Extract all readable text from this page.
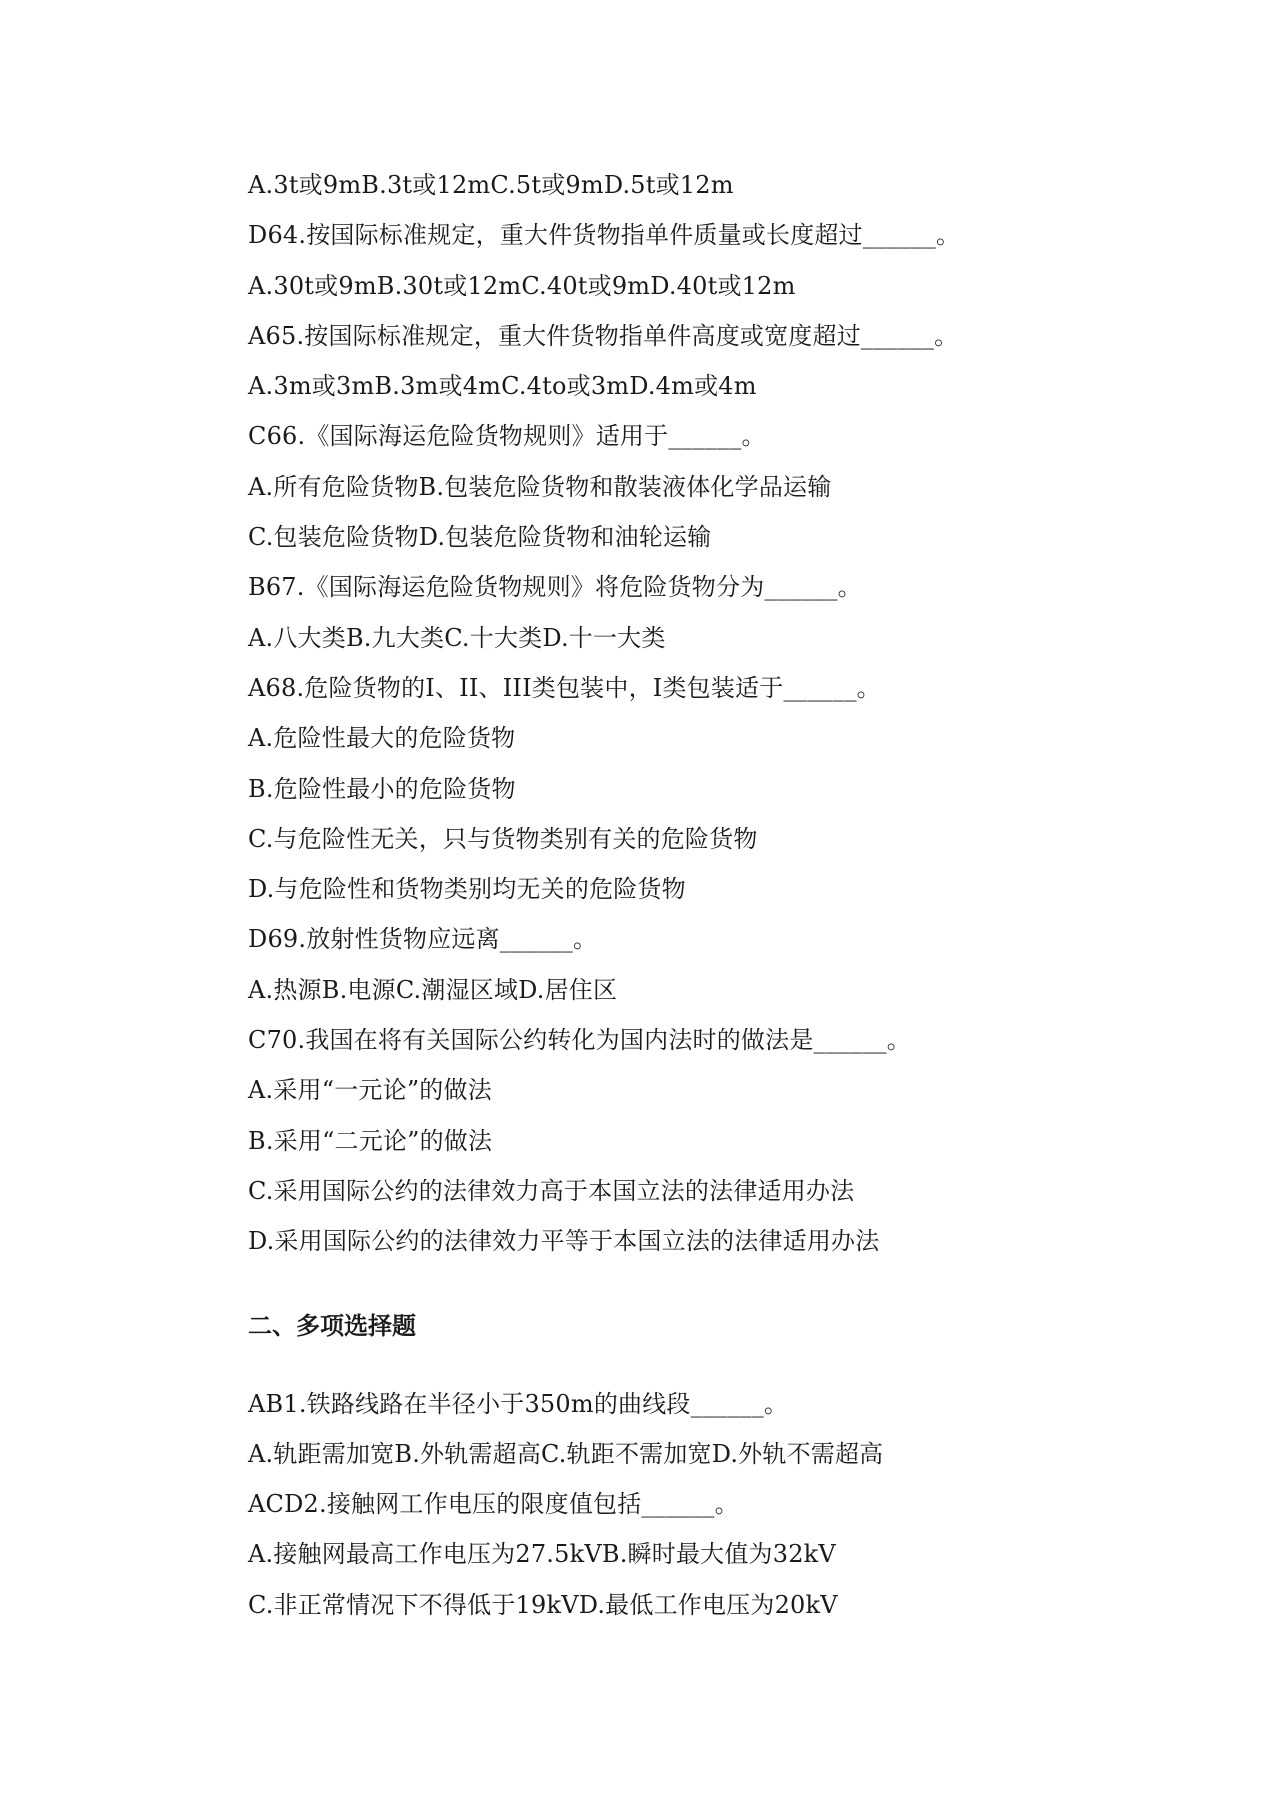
A.3t或9mB.3t或12mC.5t或9mD.5t或12m
D64.按国际标准规定，重大件货物指单件质量或长度超过______。
A.30t或9mB.30t或12mC.40t或9mD.40t或12m
A65.按国际标准规定，重大件货物指单件高度或宽度超过______。
A.3m或3mB.3m或4mC.4to或3mD.4m或4m
C66.《国际海运危险货物规则》适用于______。
A.所有危险货物B.包装危险货物和散装液体化学品运输
C.包装危险货物D.包装危险货物和油轮运输
B67.《国际海运危险货物规则》将危险货物分为______。
A.八大类B.九大类C.十大类D.十一大类
A68.危险货物的I、II、III类包装中，I类包装适于______。
A.危险性最大的危险货物
B.危险性最小的危险货物
C.与危险性无关，只与货物类别有关的危险货物
D.与危险性和货物类别均无关的危险货物
D69.放射性货物应远离______。
A.热源B.电源C.潮湿区域D.居住区
C70.我国在将有关国际公约转化为国内法时的做法是______。
A.采用“一元论”的做法
B.采用“二元论”的做法
C.采用国际公约的法律效力高于本国立法的法律适用办法
D.采用国际公约的法律效力平等于本国立法的法律适用办法
二、多项选择题
AB1.铁路线路在半径小于350m的曲线段______。
A.轨距需加宽B.外轨需超高C.轨距不需加宽D.外轨不需超高
ACD2.接触网工作电压的限度值包括______。
A.接触网最高工作电压为27.5kVB.瞬时最大值为32kV
C.非正常情况下不得低于19kVD.最低工作电压为20kV
